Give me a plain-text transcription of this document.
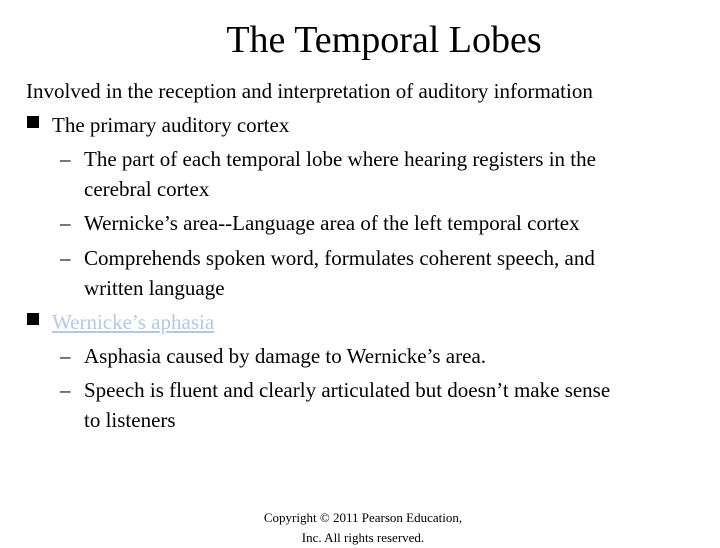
The Temporal Lobes
Involved in the reception and interpretation of auditory information
The primary auditory cortex
– The part of each temporal lobe where hearing registers in the
cerebral cortex
– Wernicke’s area--Language area of the left temporal cortex
– Comprehends spoken word, formulates coherent speech, and
written language
Wernicke’s aphasia
– Asphasia caused by damage to Wernicke’s area.
– Speech is fluent and clearly articulated but doesn’t make sense
to listeners
Copyright © 2011 Pearson Education,
Inc. All rights reserved.
